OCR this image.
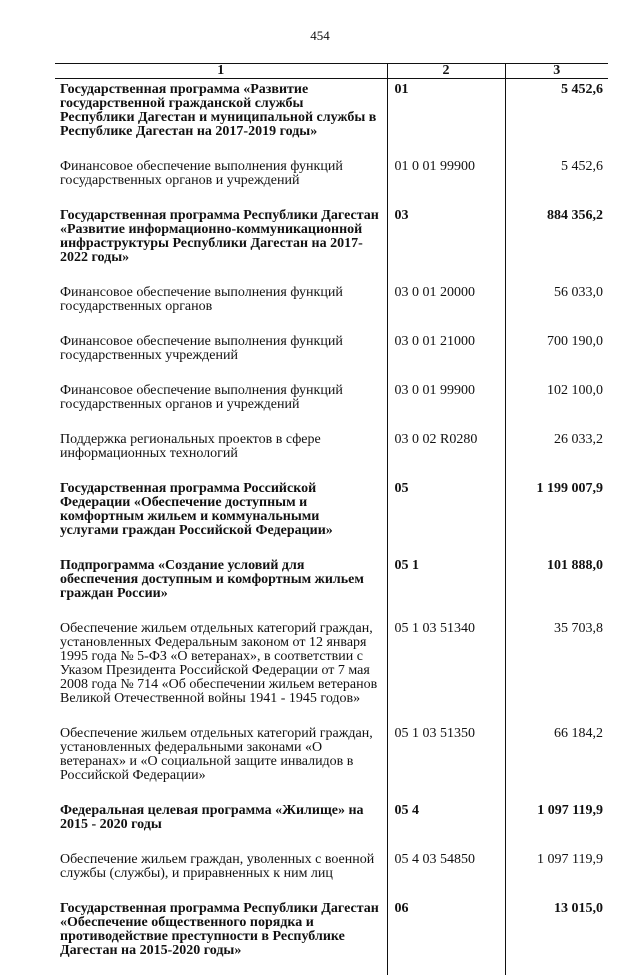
454
1	2	3
Государственная программа «Развитие государственной гражданской службы Республики Дагестан и муниципальной службы в Республике Дагестан на 2017-2019 годы»	01	5 452,6

Финансовое обеспечение выполнения функций государственных органов и учреждений	01 0 01 99900	5 452,6

Государственная программа Республики Дагестан «Развитие информационно-коммуникационной инфраструктуры Республики Дагестан на 2017-2022 годы»	03	884 356,2

Финансовое обеспечение выполнения функций государственных органов	03 0 01 20000	56 033,0

Финансовое обеспечение выполнения функций государственных учреждений	03 0 01 21000	700 190,0

Финансовое обеспечение выполнения функций государственных органов и учреждений	03 0 01 99900	102 100,0

Поддержка региональных проектов в сфере информационных технологий	03 0 02 R0280	26 033,2

Государственная программа Российской Федерации «Обеспечение доступным и комфортным жильем и коммунальными услугами граждан Российской Федерации»	05	1 199 007,9

Подпрограмма «Создание условий для обеспечения доступным и комфортным жильем граждан России»	05 1	101 888,0

Обеспечение жильем отдельных категорий граждан, установленных Федеральным законом от 12 января 1995 года № 5-ФЗ «О ветеранах», в соответствии с Указом Президента Российской Федерации от 7 мая 2008 года № 714 «Об обеспечении жильем ветеранов Великой Отечественной войны 1941 - 1945 годов»	05 1 03 51340	35 703,8

Обеспечение жильем отдельных категорий граждан, установленных федеральными законами «О ветеранах» и «О социальной защите инвалидов в Российской Федерации»	05 1 03 51350	66 184,2

Федеральная целевая программа «Жилище» на 2015 - 2020 годы	05 4	1 097 119,9

Обеспечение жильем граждан, уволенных с военной службы (службы), и приравненных к ним лиц	05 4 03 54850	1 097 119,9

Государственная программа Республики Дагестан «Обеспечение общественного порядка и противодействие преступности в Республике Дагестан на 2015-2020 годы»	06	13 015,0
